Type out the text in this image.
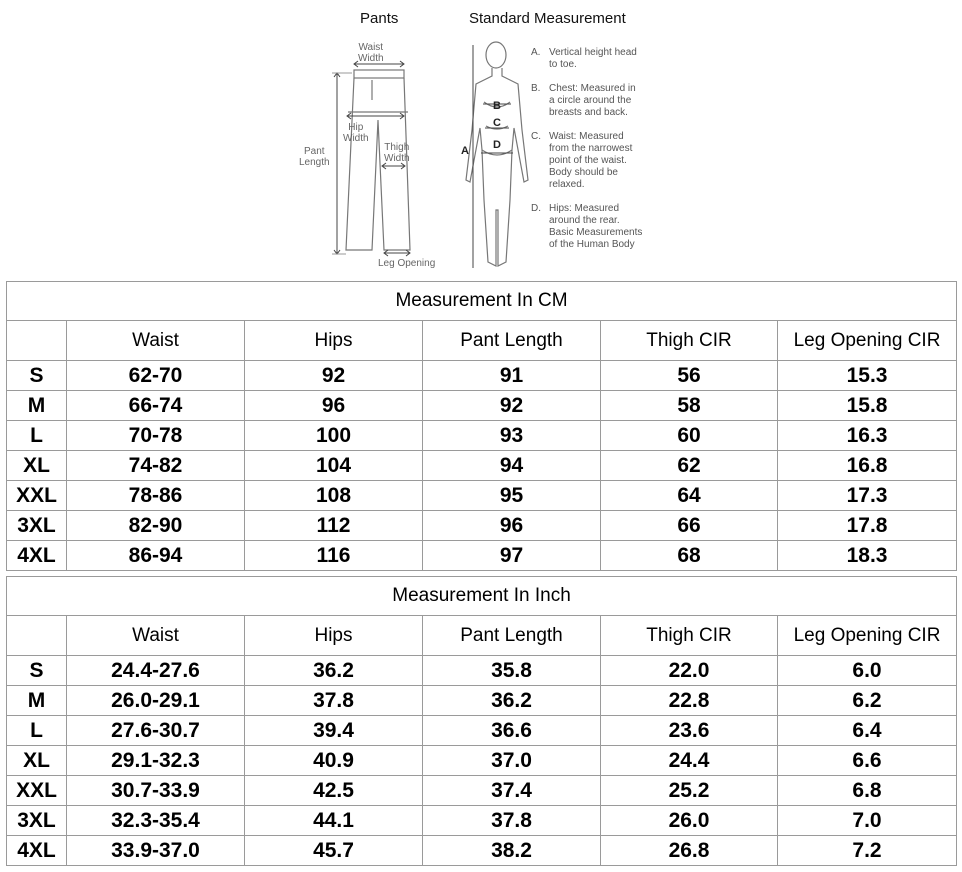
Pants
Waist
Width
Hip
Width
Pant
Length
Thigh
Width
Leg Opening
Standard Measurement
A
B
C
D
A. Vertical height head
to toe.
B. Chest: Measured in
a circle around the
breasts and back.
C. Waist: Measured
from the narrowest
point of the waist.
Body should be
relaxed.
D. Hips: Measured
around the rear.
Basic Measurements
of the Human Body
Measurement In CM					
	Waist	Hips	Pant Length	Thigh CIR	Leg Opening CIR
S	62-70	92	91	56	15.3
M	66-74	96	92	58	15.8
L	70-78	100	93	60	16.3
XL	74-82	104	94	62	16.8
XXL	78-86	108	95	64	17.3
3XL	82-90	112	96	66	17.8
4XL	86-94	116	97	68	18.3
Measurement In Inch					
	Waist	Hips	Pant Length	Thigh CIR	Leg Opening CIR
S	24.4-27.6	36.2	35.8	22.0	6.0
M	26.0-29.1	37.8	36.2	22.8	6.2
L	27.6-30.7	39.4	36.6	23.6	6.4
XL	29.1-32.3	40.9	37.0	24.4	6.6
XXL	30.7-33.9	42.5	37.4	25.2	6.8
3XL	32.3-35.4	44.1	37.8	26.0	7.0
4XL	33.9-37.0	45.7	38.2	26.8	7.2
